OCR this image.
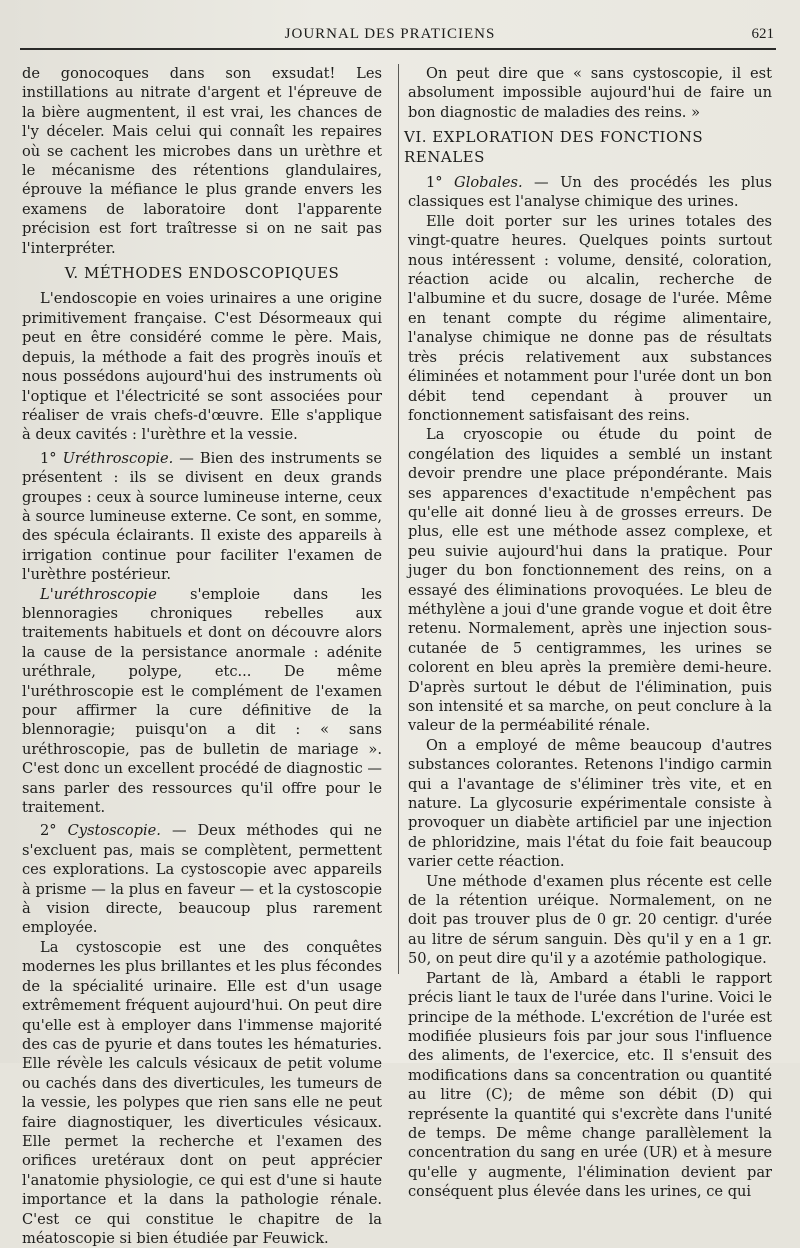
JOURNAL DES PRATICIENS	621

de gonocoques dans son exsudat! Les instillations au nitrate d'argent et l'épreuve de la bière augmentent, il est vrai, les chances de l'y déceler. Mais celui qui connaît les repaires où se cachent les microbes dans un urèthre et le mécanisme des rétentions glandulaires, éprouve la méfiance le plus grande envers les examens de laboratoire dont l'apparente précision est fort traîtresse si on ne sait pas l'interpréter.

V. MÉTHODES ENDOSCOPIQUES

L'endoscopie en voies urinaires a une origine primitivement française. C'est Désormeaux qui peut en être considéré comme le père. Mais, depuis, la méthode a fait des progrès inouïs et nous possédons aujourd'hui des instruments où l'optique et l'électricité se sont associées pour réaliser de vrais chefs-d'œuvre. Elle s'applique à deux cavités : l'urèthre et la vessie.

1° Uréthroscopie. — Bien des instruments se présentent : ils se divisent en deux grands groupes : ceux à source lumineuse interne, ceux à source lumineuse externe. Ce sont, en somme, des spécula éclairants. Il existe des appareils à irrigation continue pour faciliter l'examen de l'urèthre postérieur.

L'uréthroscopie s'emploie dans les blennoragies chroniques rebelles aux traitements habituels et dont on découvre alors la cause de la persistance anormale : adénite uréthrale, polype, etc... De même l'uréthroscopie est le complément de l'examen pour affirmer la cure définitive de la blennoragie; puisqu'on a dit : « sans uréthroscopie, pas de bulletin de mariage ». C'est donc un excellent procédé de diagnostic — sans parler des ressources qu'il offre pour le traitement.

2° Cystoscopie. — Deux méthodes qui ne s'excluent pas, mais se complètent, permettent ces explorations. La cystoscopie avec appareils à prisme — la plus en faveur — et la cystoscopie à vision directe, beaucoup plus rarement employée.

La cystoscopie est une des conquêtes modernes les plus brillantes et les plus fécondes de la spécialité urinaire. Elle est d'un usage extrêmement fréquent aujourd'hui. On peut dire qu'elle est à employer dans l'immense majorité des cas de pyurie et dans toutes les hématuries. Elle révèle les calculs vésicaux de petit volume ou cachés dans des diverticules, les tumeurs de la vessie, les polypes que rien sans elle ne peut faire diagnostiquer, les diverticules vésicaux. Elle permet la recherche et l'examen des orifices uretéraux dont on peut apprécier l'anatomie physiologie, ce qui est d'une si haute importance et la dans la pathologie rénale. C'est ce qui constitue le chapitre de la méatoscopie si bien étudiée par Feuwick.

On peut dire que « sans cystoscopie, il est absolument impossible aujourd'hui de faire un bon diagnostic de maladies des reins. »

VI. EXPLORATION DES FONCTIONS RENALES

1° Globales. — Un des procédés les plus classiques est l'analyse chimique des urines.

Elle doit porter sur les urines totales des vingt-quatre heures. Quelques points surtout nous intéressent : volume, densité, coloration, réaction acide ou alcalin, recherche de l'albumine et du sucre, dosage de l'urée. Même en tenant compte du régime alimentaire, l'analyse chimique ne donne pas de résultats très précis relativement aux substances éliminées et notamment pour l'urée dont un bon débit tend cependant à prouver un fonctionnement satisfaisant des reins.

La cryoscopie ou étude du point de congélation des liquides a semblé un instant devoir prendre une place prépondérante. Mais ses apparences d'exactitude n'empêchent pas qu'elle ait donné lieu à de grosses erreurs. De plus, elle est une méthode assez complexe, et peu suivie aujourd'hui dans la pratique. Pour juger du bon fonctionnement des reins, on a essayé des éliminations provoquées. Le bleu de méthylène a joui d'une grande vogue et doit être retenu. Normalement, après une injection sous-cutanée de 5 centigrammes, les urines se colorent en bleu après la première demi-heure. D'après surtout le début de l'élimination, puis son intensité et sa marche, on peut conclure à la valeur de la perméabilité rénale.

On a employé de même beaucoup d'autres substances colorantes. Retenons l'indigo carmin qui a l'avantage de s'éliminer très vite, et en nature. La glycosurie expérimentale consiste à provoquer un diabète artificiel par une injection de phloridzine, mais l'état du foie fait beaucoup varier cette réaction.

Une méthode d'examen plus récente est celle de la rétention uréique. Normalement, on ne doit pas trouver plus de 0 gr. 20 centigr. d'urée au litre de sérum sanguin. Dès qu'il y en a 1 gr. 50, on peut dire qu'il y a azotémie pathologique.

Partant de là, Ambard a établi le rapport précis liant le taux de l'urée dans l'urine. Voici le principe de la méthode. L'excrétion de l'urée est modifiée plusieurs fois par jour sous l'influence des aliments, de l'exercice, etc. Il s'ensuit des modifications dans sa concentration ou quantité au litre (C); de même son débit (D) qui représente la quantité qui s'excrète dans l'unité de temps. De même change parallèlement la concentration du sang en urée (UR) et à mesure qu'elle y augmente, l'élimination devient par conséquent plus élevée dans les urines, ce qui
